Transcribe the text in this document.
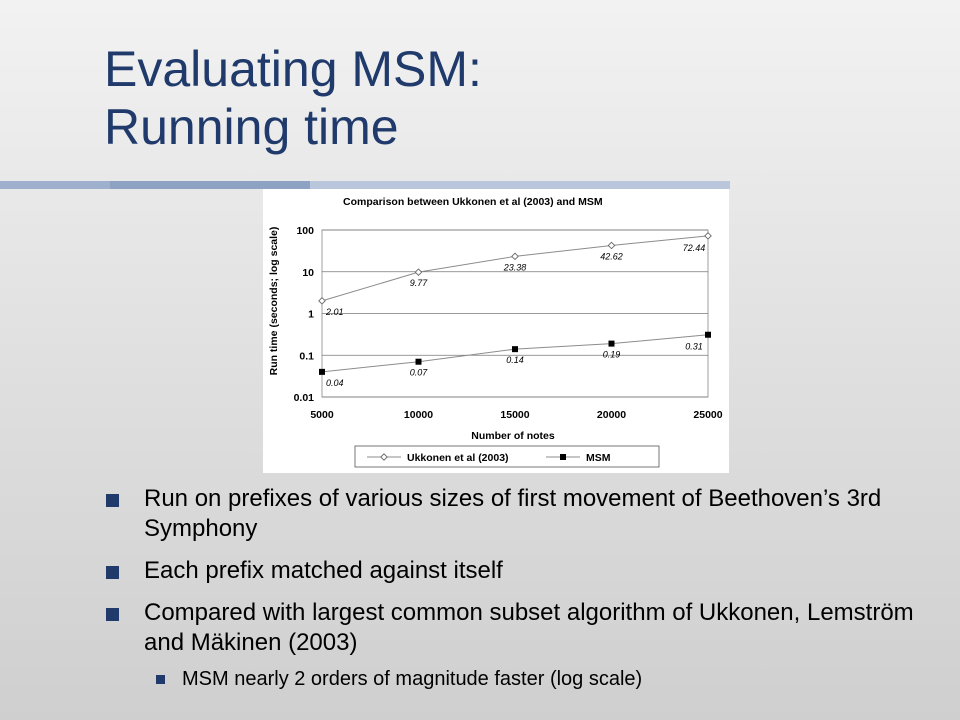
Evaluating MSM:
Running time
Comparison between Ukkonen et al (2003) and MSM
2.01
9.77
23.38
42.62
72.44
0.04
0.07
0.14
0.19
0.31
0.01
0.1
1
10
100
5000	10000	15000	20000	25000
Run time (seconds; log scale)
Number of notes
Ukkonen et al (2003)	MSM
Run on prefixes of various sizes of first movement of Beethoven’s 3rd Symphony
Each prefix matched against itself
Compared with largest common subset algorithm of Ukkonen, Lemström and Mäkinen (2003)
MSM nearly 2 orders of magnitude faster (log scale)
